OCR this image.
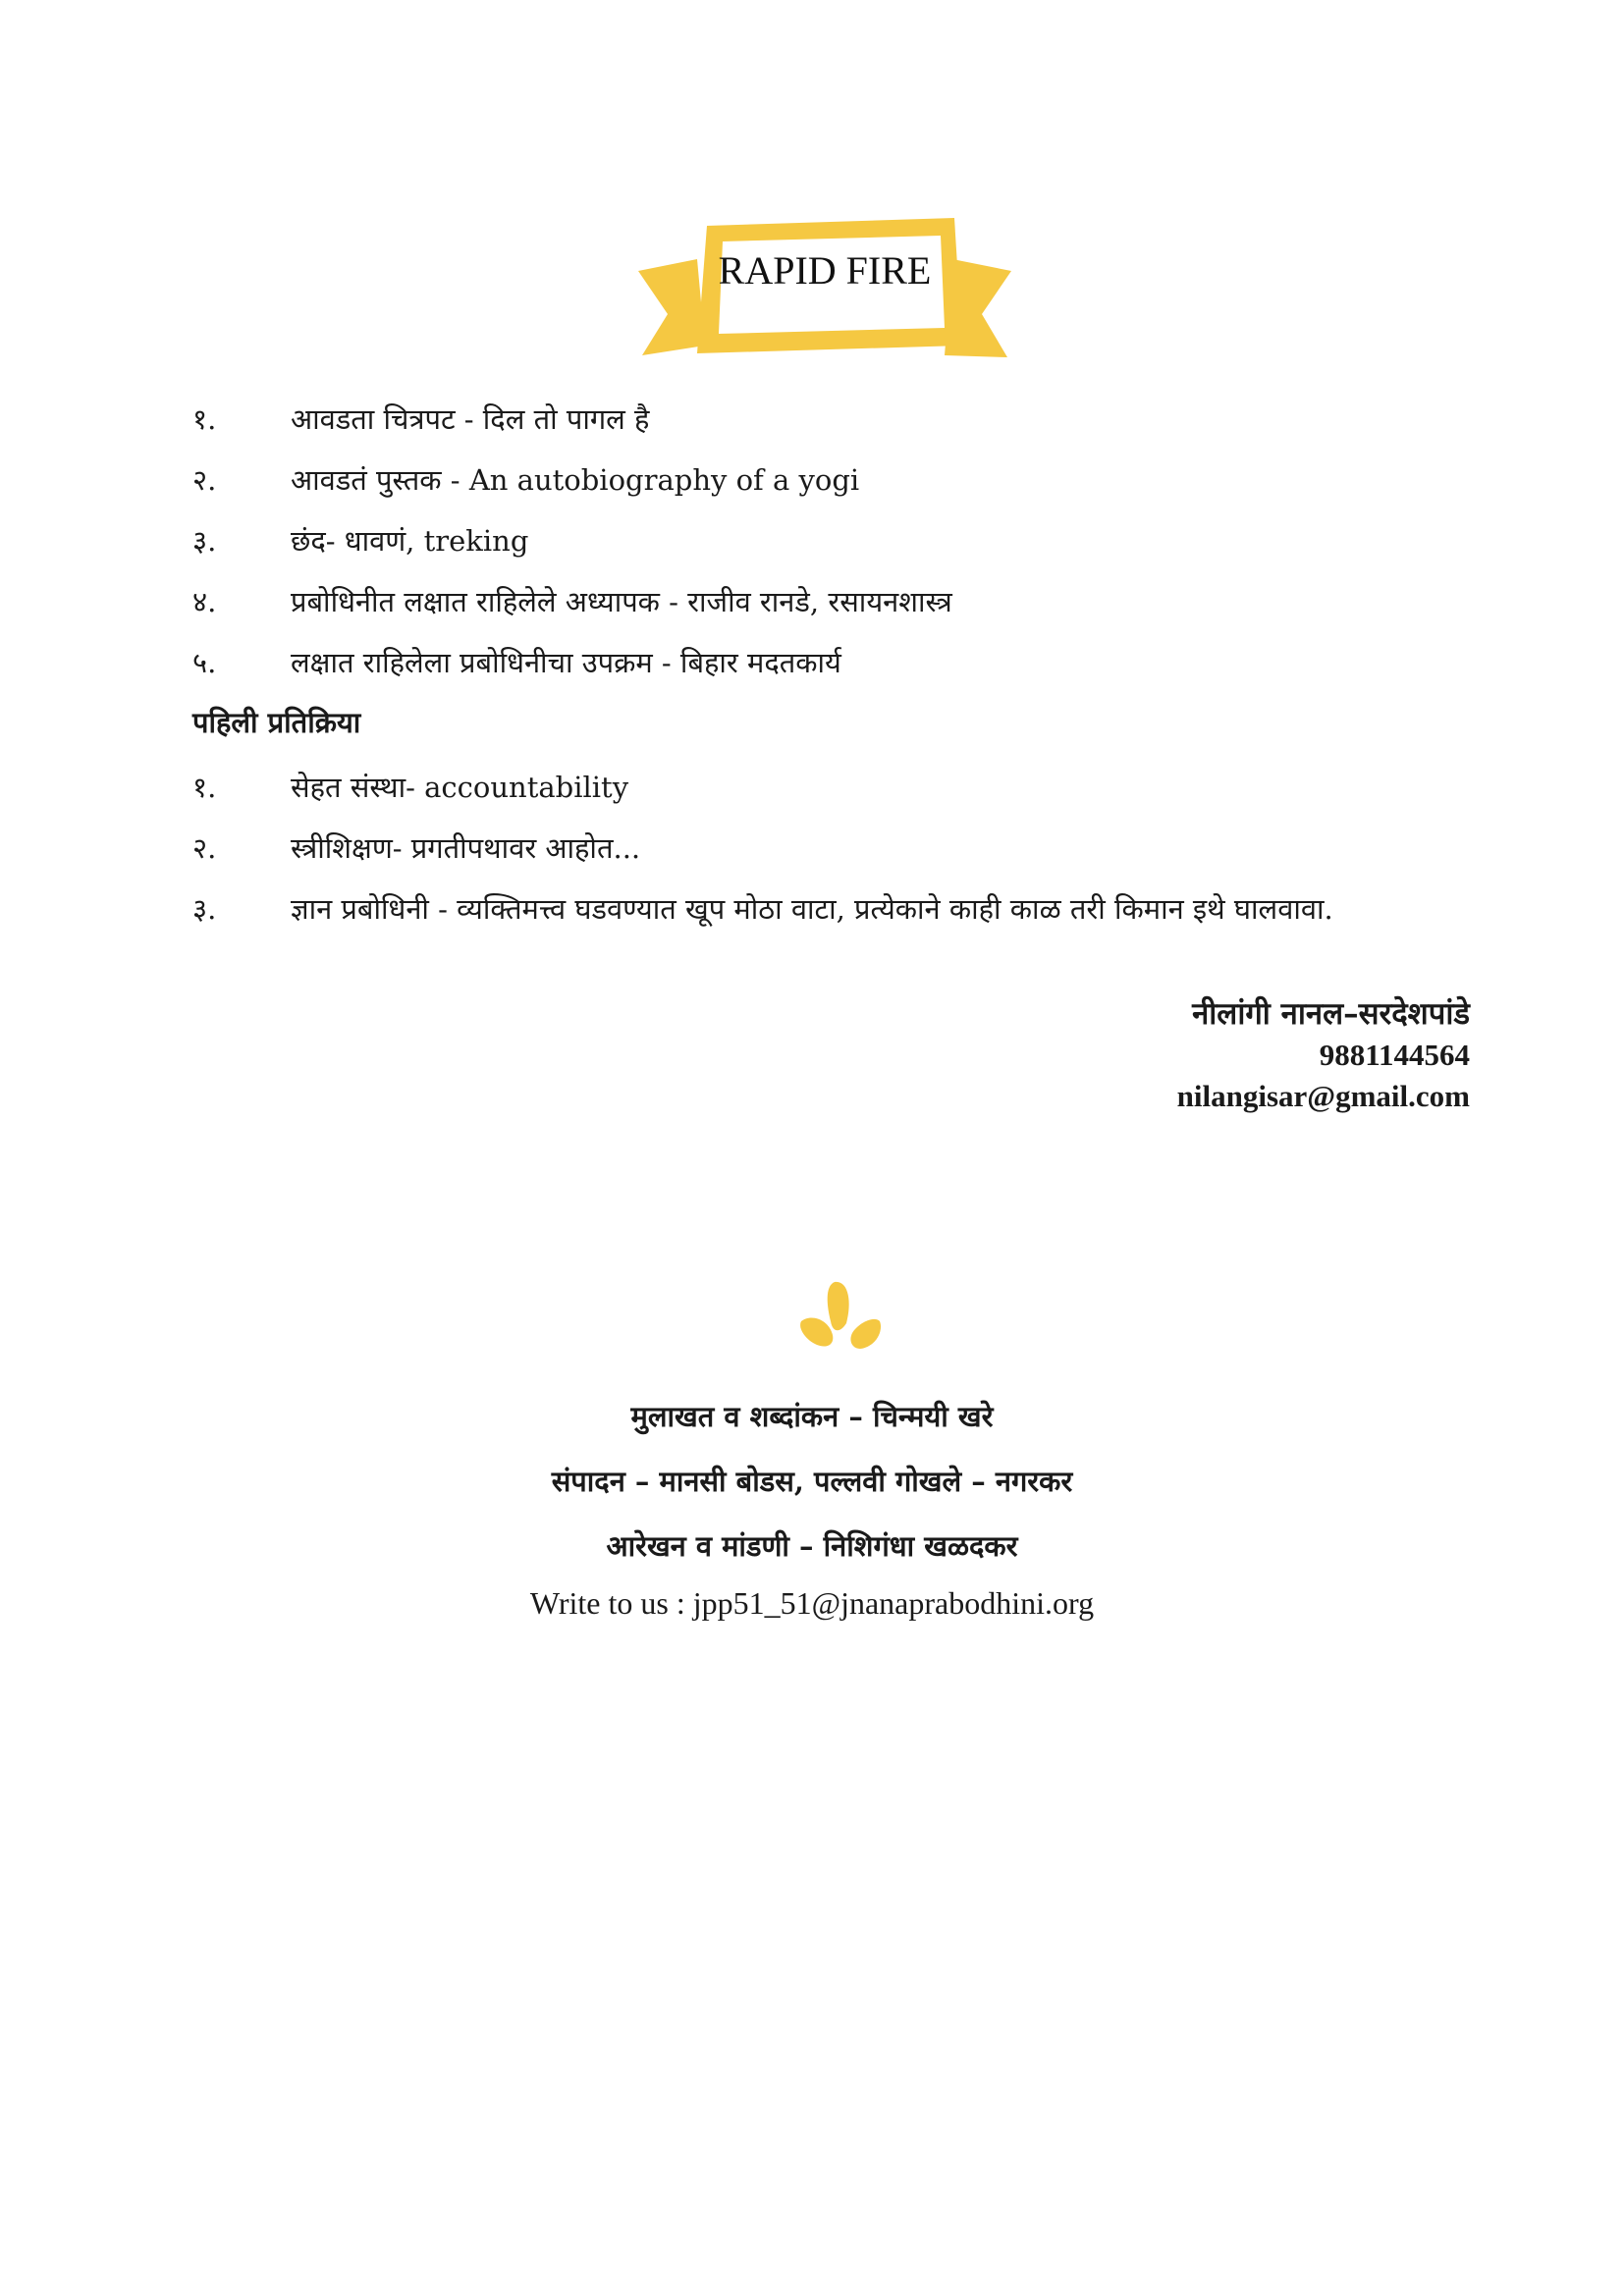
RAPID FIRE
१.	आवडता चित्रपट - दिल तो पागल है
२.	आवडतं पुस्तक - An autobiography of a yogi
३.	छंद- धावणं, treking
४.	प्रबोधिनीत लक्षात राहिलेले अध्यापक - राजीव रानडे, रसायनशास्त्र
५.	लक्षात राहिलेला प्रबोधिनीचा उपक्रम - बिहार मदतकार्य
पहिली प्रतिक्रिया
१.	सेहत संस्था- accountability
२.	स्त्रीशिक्षण- प्रगतीपथावर आहोत...
३.	ज्ञान प्रबोधिनी - व्यक्तिमत्त्व घडवण्यात खूप मोठा वाटा, प्रत्येकाने काही काळ तरी किमान इथे घालवावा.
नीलांगी नानल–सरदेशपांडे
9881144564
nilangisar@gmail.com
मुलाखत व शब्दांकन – चिन्मयी खरे
संपादन – मानसी बोडस, पल्लवी गोखले – नगरकर
आरेखन व मांडणी – निशिगंधा खळदकर
Write to us : jpp51_51@jnanaprabodhini.org
